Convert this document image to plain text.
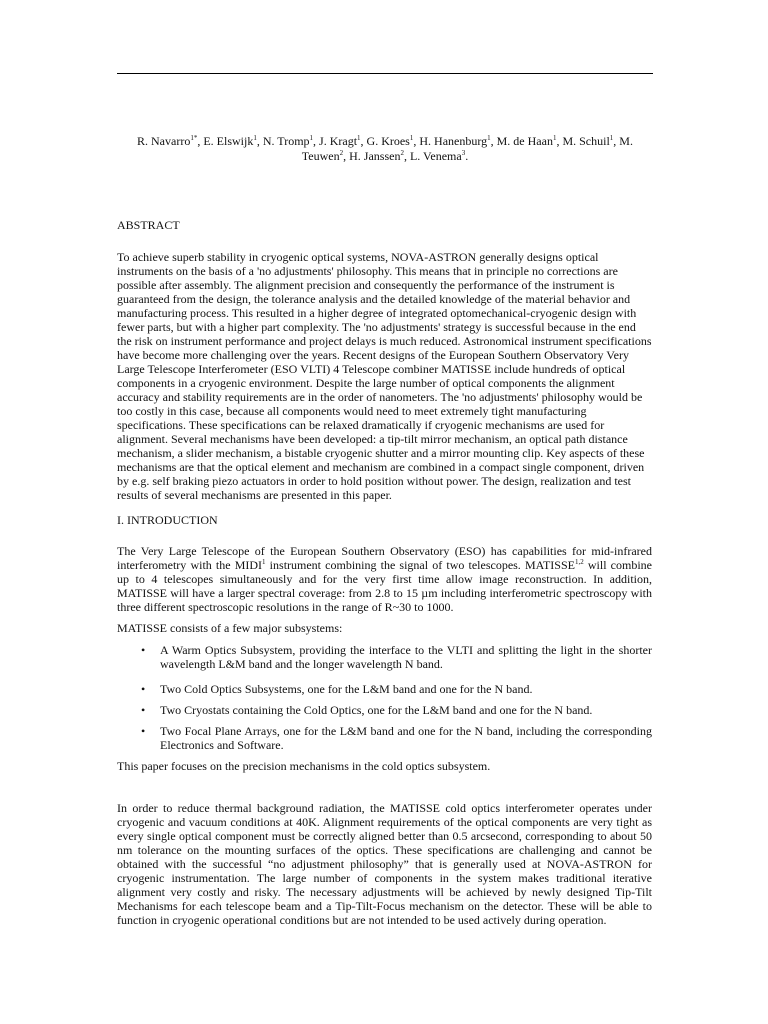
R. Navarro$^{1*}$, E. Elswijk$^1$, N. Tromp$^1$, J. Kragt$^1$, G. Kroes$^1$, H. Hanenburg$^1$, M. de Haan$^1$, M. Schuil$^1$, M.
Teuwen$^2$, H. Janssen$^2$, L. Venema$^3$.
ABSTRACT
To achieve superb stability in cryogenic optical systems, NOVA-ASTRON generally designs optical instruments on the basis of a 'no adjustments' philosophy. This means that in principle no corrections are possible after assembly. The alignment precision and consequently the performance of the instrument is guaranteed from the design, the tolerance analysis and the detailed knowledge of the material behavior and manufacturing process. This resulted in a higher degree of integrated optomechanical-cryogenic design with fewer parts, but with a higher part complexity. The 'no adjustments' strategy is successful because in the end the risk on instrument performance and project delays is much reduced. Astronomical instrument specifications have become more challenging over the years. Recent designs of the European Southern Observatory Very Large Telescope Interferometer (ESO VLTI) 4 Telescope combiner MATISSE include hundreds of optical components in a cryogenic environment. Despite the large number of optical components the alignment accuracy and stability requirements are in the order of nanometers. The 'no adjustments' philosophy would be too costly in this case, because all components would need to meet extremely tight manufacturing specifications. These specifications can be relaxed dramatically if cryogenic mechanisms are used for alignment. Several mechanisms have been developed: a tip-tilt mirror mechanism, an optical path distance mechanism, a slider mechanism, a bistable cryogenic shutter and a mirror mounting clip. Key aspects of these mechanisms are that the optical element and mechanism are combined in a compact single component, driven by e.g. self braking piezo actuators in order to hold position without power. The design, realization and test results of several mechanisms are presented in this paper.
I. INTRODUCTION
The Very Large Telescope of the European Southern Observatory (ESO) has capabilities for mid-infrared interferometry with the MIDI$^1$ instrument combining the signal of two telescopes. MATISSE$^{1,2}$ will combine up to 4 telescopes simultaneously and for the very first time allow image reconstruction. In addition, MATISSE will have a larger spectral coverage: from 2.8 to 15 µm including interferometric spectroscopy with three different spectroscopic resolutions in the range of R~30 to 1000.
MATISSE consists of a few major subsystems:
•	A Warm Optics Subsystem, providing the interface to the VLTI and splitting the light in the shorter wavelength L&M band and the longer wavelength N band.
•	Two Cold Optics Subsystems, one for the L&M band and one for the N band.
•	Two Cryostats containing the Cold Optics, one for the L&M band and one for the N band.
•	Two Focal Plane Arrays, one for the L&M band and one for the N band, including the corresponding Electronics and Software.
This paper focuses on the precision mechanisms in the cold optics subsystem.
In order to reduce thermal background radiation, the MATISSE cold optics interferometer operates under cryogenic and vacuum conditions at 40K. Alignment requirements of the optical components are very tight as every single optical component must be correctly aligned better than 0.5 arcsecond, corresponding to about 50 nm tolerance on the mounting surfaces of the optics. These specifications are challenging and cannot be obtained with the successful “no adjustment philosophy” that is generally used at NOVA-ASTRON for cryogenic instrumentation. The large number of components in the system makes traditional iterative alignment very costly and risky. The necessary adjustments will be achieved by newly designed Tip-Tilt Mechanisms for each telescope beam and a Tip-Tilt-Focus mechanism on the detector. These will be able to function in cryogenic operational conditions but are not intended to be used actively during operation.
